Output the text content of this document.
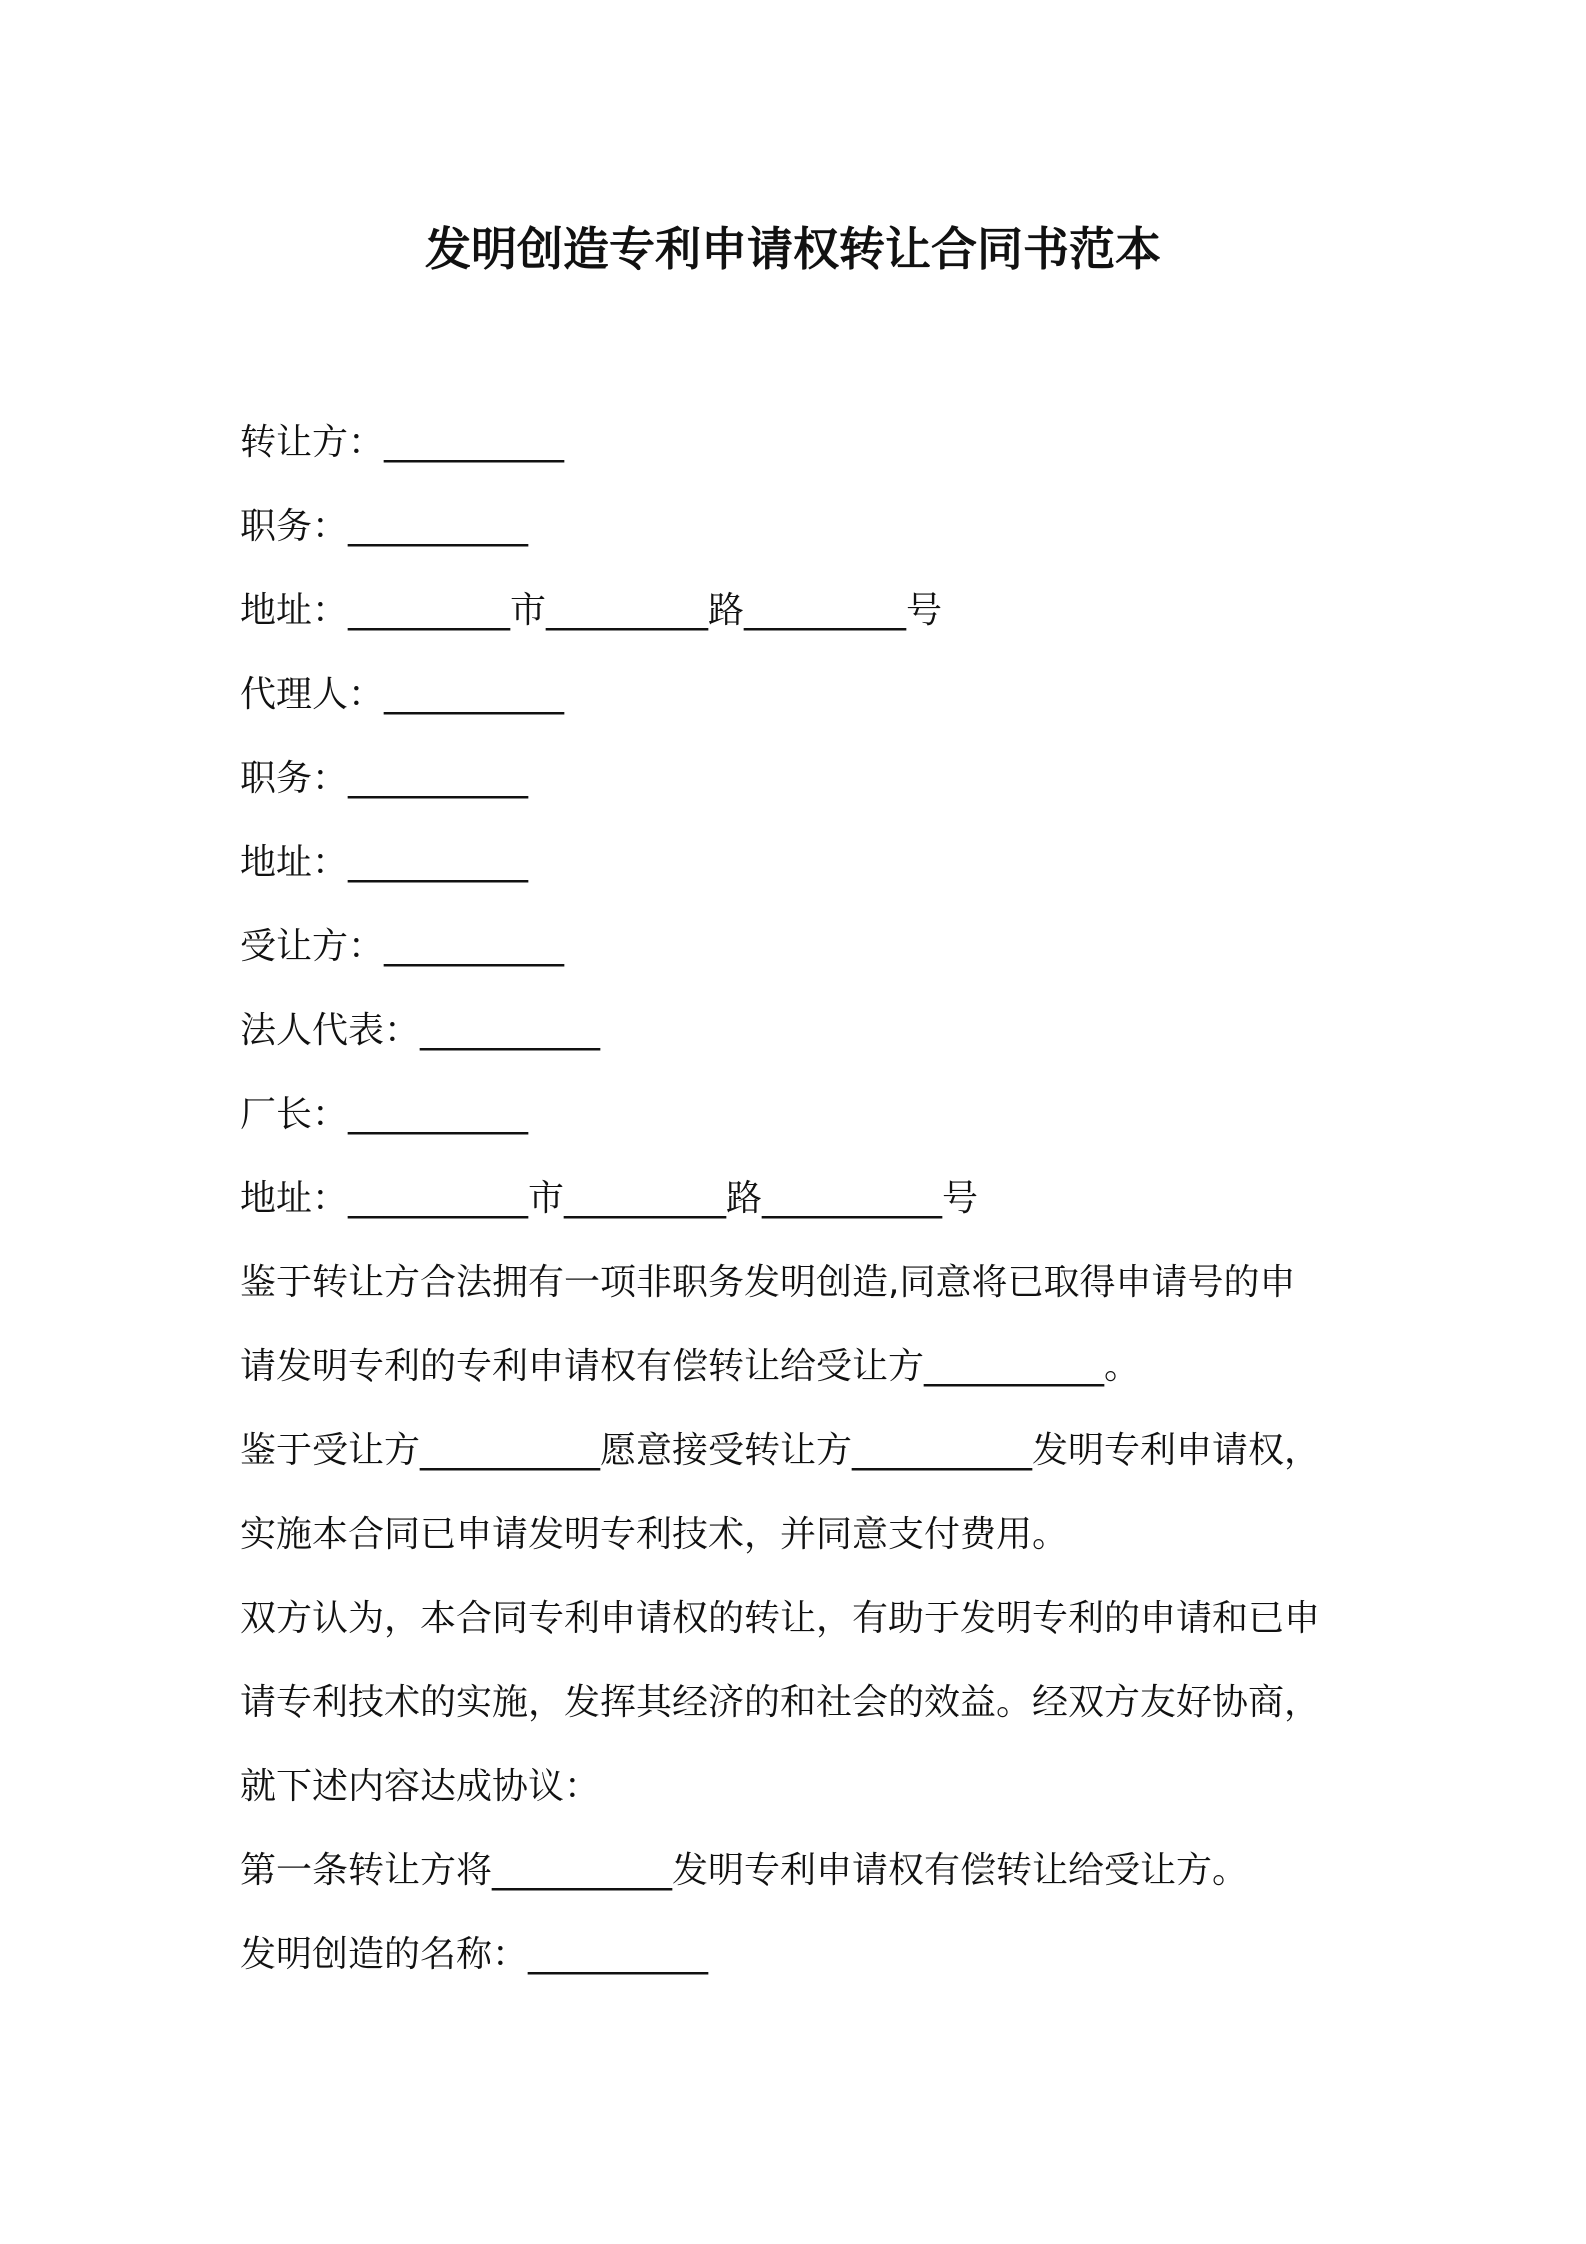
发明创造专利申请权转让合同书范本
转让方：__________
职务：__________
地址：_________市_________路_________号
代理人：__________
职务：__________
地址：__________
受让方：__________
法人代表：__________
厂长：__________
地址：__________市_________路__________号
鉴于转让方合法拥有一项非职务发明创造,同意将已取得申请号的申
请发明专利的专利申请权有偿转让给受让方__________。
鉴于受让方__________愿意接受转让方__________发明专利申请权，
实施本合同已申请发明专利技术，并同意支付费用。
双方认为，本合同专利申请权的转让，有助于发明专利的申请和已申
请专利技术的实施，发挥其经济的和社会的效益。经双方友好协商，
就下述内容达成协议：
第一条转让方将__________发明专利申请权有偿转让给受让方。
发明创造的名称：__________
